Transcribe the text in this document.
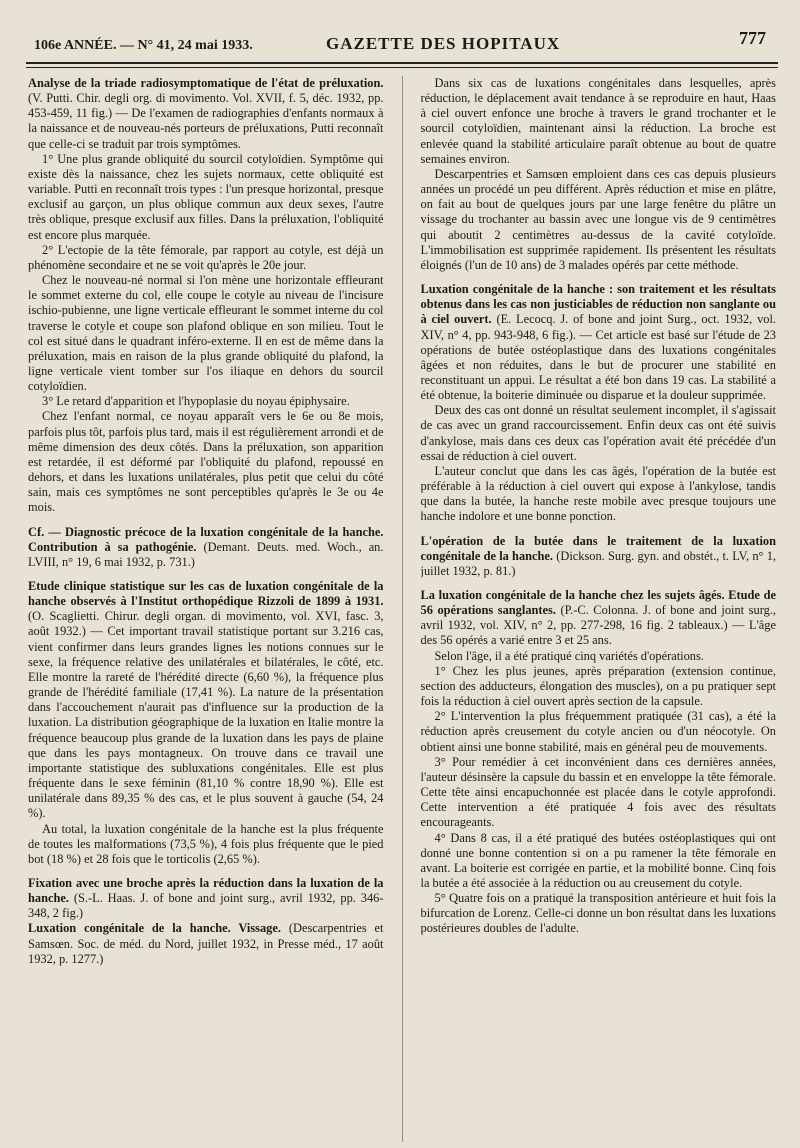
106e ANNÉE. — N° 41, 24 mai 1933.	GAZETTE DES HOPITAUX	777

Analyse de la triade radiosymptomatique de l'état de préluxation. (V. Putti. Chir. degli org. di movimento. Vol. XVII, f. 5, déc. 1932, pp. 453-459, 11 fig.) — De l'examen de radiographies d'enfants normaux à la naissance et de nouveau-nés porteurs de préluxations, Putti reconnaît que celle-ci se traduit par trois symptômes.

1° Une plus grande obliquité du sourcil cotyloïdien. Symptôme qui existe dès la naissance, chez les sujets normaux, cette obliquité est variable. Putti en reconnaît trois types : l'un presque horizontal, presque exclusif au garçon, un plus oblique commun aux deux sexes, l'autre très oblique, presque exclusif aux filles. Dans la préluxation, l'obliquité est encore plus marquée.

2° L'ectopie de la tête fémorale, par rapport au cotyle, est déjà un phénomène secondaire et ne se voit qu'après le 20e jour.

Chez le nouveau-né normal si l'on mène une horizontale effleurant le sommet externe du col, elle coupe le cotyle au niveau de l'incisure ischio-pubienne, une ligne verticale effleurant le sommet interne du col traverse le cotyle et coupe son plafond oblique en son milieu. Tout le col est situé dans le quadrant inféro-externe. Il en est de même dans la préluxation, mais en raison de la plus grande obliquité du plafond, la ligne verticale vient tomber sur l'os iliaque en dehors du sourcil cotyloïdien.

3° Le retard d'apparition et l'hypoplasie du noyau épiphysaire.

Chez l'enfant normal, ce noyau apparaît vers le 6e ou 8e mois, parfois plus tôt, parfois plus tard, mais il est régulièrement arrondi et de même dimension des deux côtés. Dans la préluxation, son apparition est retardée, il est déformé par l'obliquité du plafond, repoussé en dehors, et dans les luxations unilatérales, plus petit que celui du côté sain, mais ces symptômes ne sont perceptibles qu'après le 3e ou 4e mois.

Cf. — Diagnostic précoce de la luxation congénitale de la hanche. Contribution à sa pathogénie. (Demant. Deuts. med. Woch., an. LVIII, n° 19, 6 mai 1932, p. 731.)

Etude clinique statistique sur les cas de luxation congénitale de la hanche observés à l'Institut orthopédique Rizzoli de 1899 à 1931. (O. Scaglietti. Chirur. degli organ. di movimento, vol. XVI, fasc. 3, août 1932.) — Cet important travail statistique portant sur 3.216 cas, vient confirmer dans leurs grandes lignes les notions connues sur le sexe, la fréquence relative des unilatérales et bilatérales, le côté, etc. Elle montre la rareté de l'hérédité directe (6,60 %), la fréquence plus grande de l'hérédité familiale (17,41 %). La nature de la présentation dans l'accouchement n'aurait pas d'influence sur la production de la luxation. La distribution géographique de la luxation en Italie montre la fréquence beaucoup plus grande de la luxation dans les pays de plaine que dans les pays montagneux. On trouve dans ce travail une importante statistique des subluxations congénitales. Elle est plus fréquente dans le sexe féminin (81,10 % contre 18,90 %). Elle est unilatérale dans 89,35 % des cas, et le plus souvent à gauche (54, 24 %).

Au total, la luxation congénitale de la hanche est la plus fréquente de toutes les malformations (73,5 %), 4 fois plus fréquente que le pied bot (18 %) et 28 fois que le torticolis (2,65 %).

Fixation avec une broche après la réduction dans la luxation de la hanche. (S.-L. Haas. J. of bone and joint surg., avril 1932, pp. 346-348, 2 fig.)

Luxation congénitale de la hanche. Vissage. (Descarpentries et Samsœn. Soc. de méd. du Nord, juillet 1932, in Presse méd., 17 août 1932, p. 1277.)

Dans six cas de luxations congénitales dans lesquelles, après réduction, le déplacement avait tendance à se reproduire en haut, Haas à ciel ouvert enfonce une broche à travers le grand trochanter et le sourcil cotyloïdien, maintenant ainsi la réduction. La broche est enlevée quand la stabilité articulaire paraît obtenue au bout de quatre semaines environ.

Descarpentries et Samsœn emploient dans ces cas depuis plusieurs années un procédé un peu différent. Après réduction et mise en plâtre, on fait au bout de quelques jours par une large fenêtre du plâtre un vissage du trochanter au bassin avec une longue vis de 9 centimètres qui aboutit 2 centimètres au-dessus de la cavité cotyloïde. L'immobilisation est supprimée rapidement. Ils présentent les résultats éloignés (l'un de 10 ans) de 3 malades opérés par cette méthode.

Luxation congénitale de la hanche : son traitement et les résultats obtenus dans les cas non justiciables de réduction non sanglante ou à ciel ouvert. (E. Lecocq. J. of bone and joint Surg., oct. 1932, vol. XIV, n° 4, pp. 943-948, 6 fig.). — Cet article est basé sur l'étude de 23 opérations de butée ostéoplastique dans des luxations congénitales âgées et non réduites, dans le but de procurer une stabilité en reconstituant un appui. Le résultat a été bon dans 19 cas. La stabilité a été obtenue, la boiterie diminuée ou disparue et la douleur supprimée.

Deux des cas ont donné un résultat seulement incomplet, il s'agissait de cas avec un grand raccourcissement. Enfin deux cas ont été suivis d'ankylose, mais dans ces deux cas l'opération avait été précédée d'un essai de réduction à ciel ouvert.

L'auteur conclut que dans les cas âgés, l'opération de la butée est préférable à la réduction à ciel ouvert qui expose à l'ankylose, tandis que dans la butée, la hanche reste mobile avec presque toujours une hanche indolore et une bonne ponction.

L'opération de la butée dans le traitement de la luxation congénitale de la hanche. (Dickson. Surg. gyn. and obstét., t. LV, n° 1, juillet 1932, p. 81.)

La luxation congénitale de la hanche chez les sujets âgés. Etude de 56 opérations sanglantes. (P.-C. Colonna. J. of bone and joint surg., avril 1932, vol. XIV, n° 2, pp. 277-298, 16 fig. 2 tableaux.) — L'âge des 56 opérés a varié entre 3 et 25 ans.

Selon l'âge, il a été pratiqué cinq variétés d'opérations.

1° Chez les plus jeunes, après préparation (extension continue, section des adducteurs, élongation des muscles), on a pu pratiquer sept fois la réduction à ciel ouvert après section de la capsule.

2° L'intervention la plus fréquemment pratiquée (31 cas), a été la réduction après creusement du cotyle ancien ou d'un néocotyle. On obtient ainsi une bonne stabilité, mais en général peu de mouvements.

3° Pour remédier à cet inconvénient dans ces dernières années, l'auteur désinsère la capsule du bassin et en enveloppe la tête fémorale. Cette tête ainsi encapuchonnée est placée dans le cotyle approfondi. Cette intervention a été pratiquée 4 fois avec des résultats encourageants.

4° Dans 8 cas, il a été pratiqué des butées ostéoplastiques qui ont donné une bonne contention si on a pu ramener la tête fémorale en avant. La boiterie est corrigée en partie, et la mobilité bonne. Cinq fois la butée a été associée à la réduction ou au creusement du cotyle.

5° Quatre fois on a pratiqué la transposition antérieure et huit fois la bifurcation de Lorenz. Celle-ci donne un bon résultat dans les luxations postérieures doubles de l'adulte.
